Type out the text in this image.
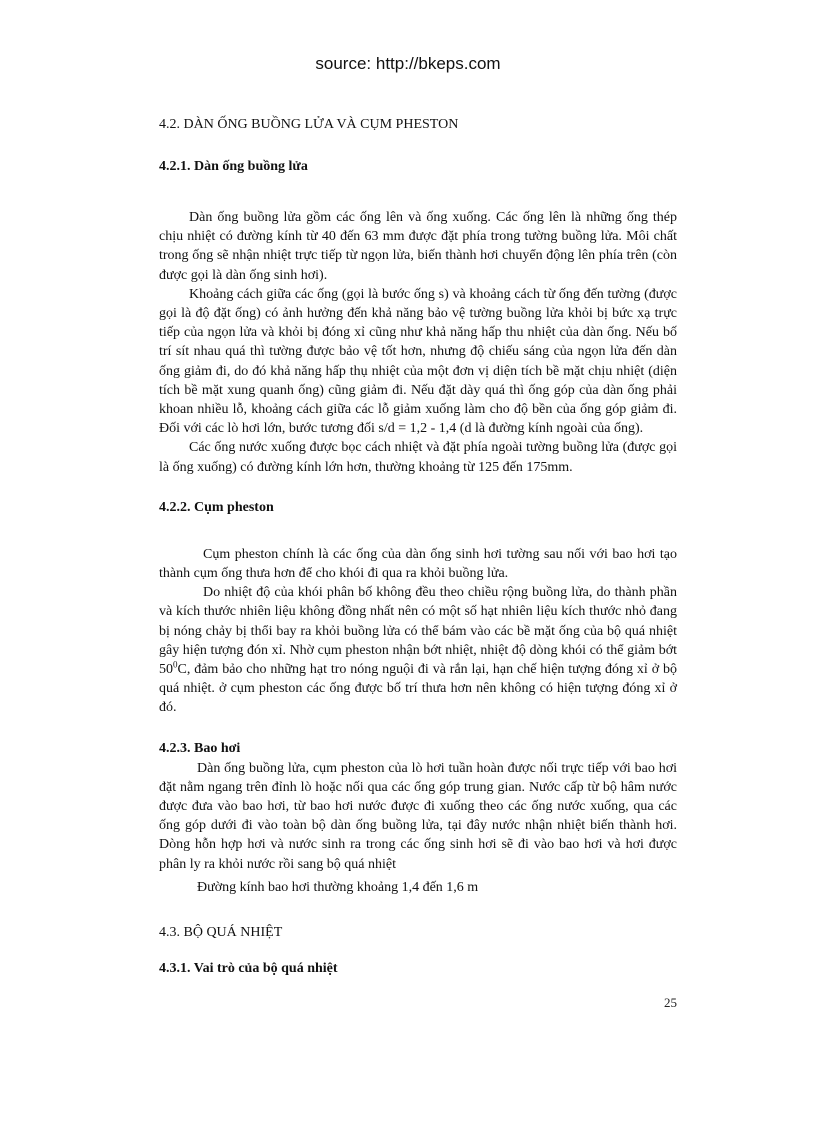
source: http://bkeps.com
4.2. DÀN ỐNG BUỒNG LỬA VÀ CỤM PHESTON
4.2.1. Dàn ống buồng lửa

Dàn ống buồng lửa gồm các ống lên và ống xuống. Các ống lên là những ống thép chịu nhiệt có đường kính từ 40 đến 63 mm được đặt phía trong tường buồng lửa. Môi chất trong ống sẽ nhận nhiệt trực tiếp từ ngọn lửa, biến thành hơi chuyển động lên phía trên (còn được gọi là dàn ống sinh hơi).

Khoảng cách giữa các ống (gọi là bước ống s) và khoảng cách từ ống đến tường (được gọi là độ đặt ống) có ảnh hưởng đến khả năng bảo vệ tường buồng lửa khỏi bị bức xạ trực tiếp của ngọn lửa và khỏi bị đóng xỉ cũng như khả năng hấp thu nhiệt của dàn ống. Nếu bố trí sít nhau quá thì tường được bảo vệ tốt hơn, nhưng độ chiếu sáng của ngọn lửa đến dàn ống giảm đi, do đó khả năng hấp thụ nhiệt của một đơn vị diện tích bề mặt chịu nhiệt (diện tích bề mặt xung quanh ống) cũng giảm đi. Nếu đặt dày quá thì ống góp của dàn ống phải khoan nhiều lỗ, khoảng cách giữa các lỗ giảm xuống làm cho độ bền của ống góp giảm đi. Đối với các lò hơi lớn, bước tương đối s/d = 1,2 - 1,4 (d là đường kính ngoài của ống).

Các ống nước xuống được bọc cách nhiệt và đặt phía ngoài tường buồng lửa (được gọi là ống xuống) có đường kính lớn hơn, thường khoảng từ 125 đến 175mm.

4.2.2. Cụm pheston

Cụm pheston chính là các ống của dàn ống sinh hơi tường sau nối với bao hơi tạo thành cụm ống thưa hơn để cho khói đi qua ra khỏi buồng lửa.

Do nhiệt độ của khói phân bố không đều theo chiều rộng buồng lửa, do thành phần và kích thước nhiên liệu không đồng nhất nên có một số hạt nhiên liệu kích thước nhỏ đang bị nóng chảy bị thổi bay ra khỏi buồng lửa có thể bám vào các bề mặt ống của bộ quá nhiệt gây hiện tượng đón xỉ. Nhờ cụm pheston nhận bớt nhiệt, nhiệt độ dòng khói có thể giảm bớt $50^0C$, đảm bảo cho những hạt tro nóng nguội đi và rắn lại, hạn chế hiện tượng đóng xỉ ở bộ quá nhiệt. ở cụm pheston các ống được bố trí thưa hơn nên không có hiện tượng đóng xỉ ở đó.

4.2.3. Bao hơi

Dàn ống buồng lửa, cụm pheston của lò hơi tuần hoàn được nối trực tiếp với bao hơi đặt nằm ngang trên đỉnh lò hoặc nối qua các ống góp trung gian. Nước cấp từ bộ hâm nước được đưa vào bao hơi, từ bao hơi nước được đi xuống theo các ống nước xuống, qua các ống góp dưới đi vào toàn bộ dàn ống buồng lửa, tại đây nước nhận nhiệt biến thành hơi. Dòng hỗn hợp hơi và nước sinh ra trong các ống sinh hơi sẽ đi vào bao hơi và hơi được phân ly ra khỏi nước rồi sang bộ quá nhiệt

Đường kính bao hơi thường khoảng 1,4 đến 1,6 m

4.3. BỘ QUÁ NHIỆT
4.3.1. Vai trò của bộ quá nhiệt
25
